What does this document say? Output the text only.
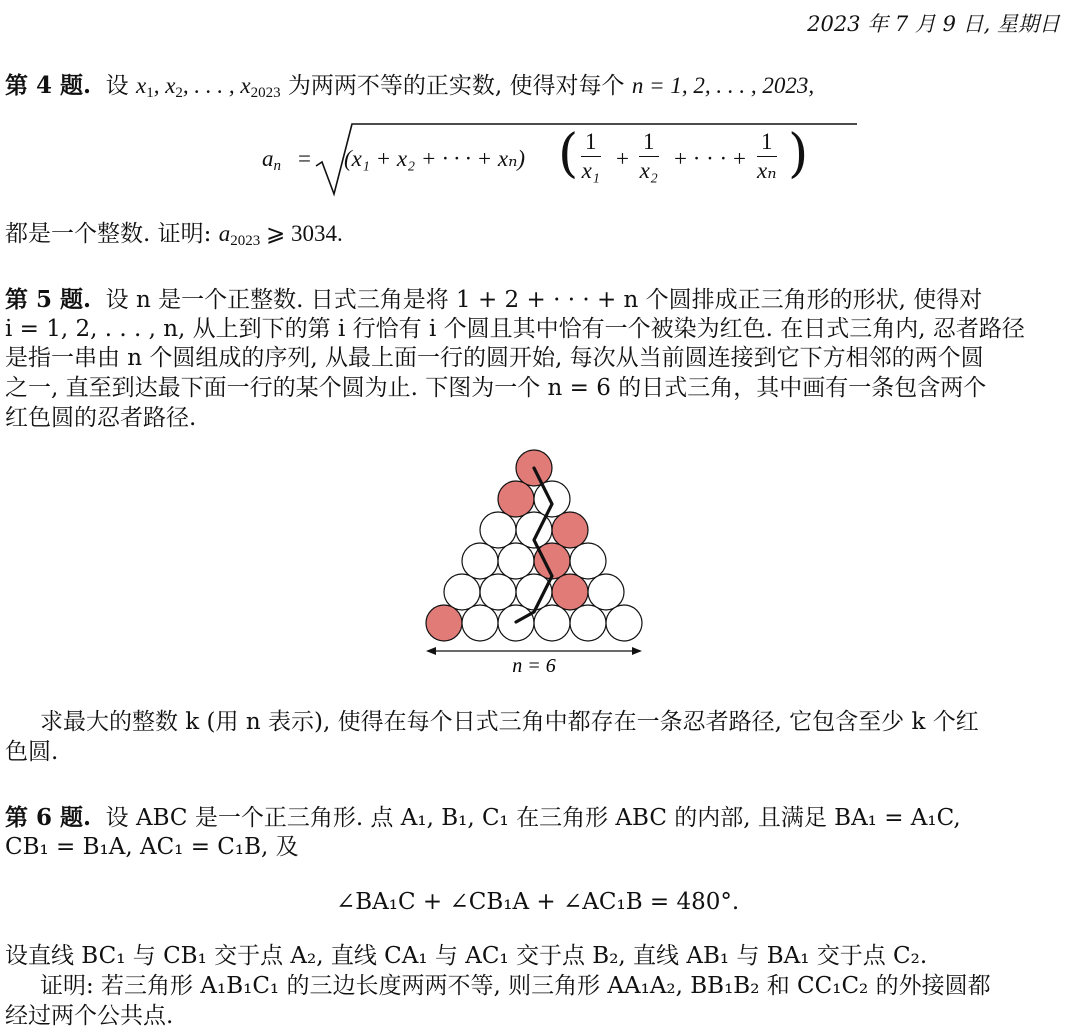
2023 年 7 月 9 日, 星期日
第 4 题. 设 $x_1$, $x_2$, . . . , $x_{2023}$ 为两两不等的正实数, 使得对每个 n = 1, 2, . . . , 2023,
$a_n = (x_1 + x_2$ + · · · + xₙ) ( $\frac{1}{\text{x₁}} + \frac{1}{\text{x₂}}$ + · · · + $\frac{1}{\text{xₙ}}$ )
都是一个整数. 证明: $a_{2023}$ ⩾ 3034.
第 5 题. 设 n 是一个正整数. 日式三角是将 1 + 2 + · · · + n 个圆排成正三角形的形状, 使得对
i = 1, 2, . . . , n, 从上到下的第 i 行恰有 i 个圆且其中恰有一个被染为红色. 在日式三角内, 忍者路径
是指一串由 n 个圆组成的序列, 从最上面一行的圆开始, 每次从当前圆连接到它下方相邻的两个圆
之一, 直至到达最下面一行的某个圆为止. 下图为一个 n = 6 的日式三角，其中画有一条包含两个
红色圆的忍者路径.
n = 6
求最大的整数 k (用 n 表示), 使得在每个日式三角中都存在一条忍者路径, 它包含至少 k 个红
色圆.
第 6 题. 设 ABC 是一个正三角形. 点 A₁, B₁, C₁ 在三角形 ABC 的内部, 且满足 BA₁ = A₁C,
CB₁ = B₁A, AC₁ = C₁B, 及
∠BA₁C + ∠CB₁A + ∠AC₁B = 480°.
设直线 BC₁ 与 CB₁ 交于点 A₂, 直线 CA₁ 与 AC₁ 交于点 B₂, 直线 AB₁ 与 BA₁ 交于点 C₂.
证明: 若三角形 A₁B₁C₁ 的三边长度两两不等, 则三角形 AA₁A₂, BB₁B₂ 和 CC₁C₂ 的外接圆都
经过两个公共点.
